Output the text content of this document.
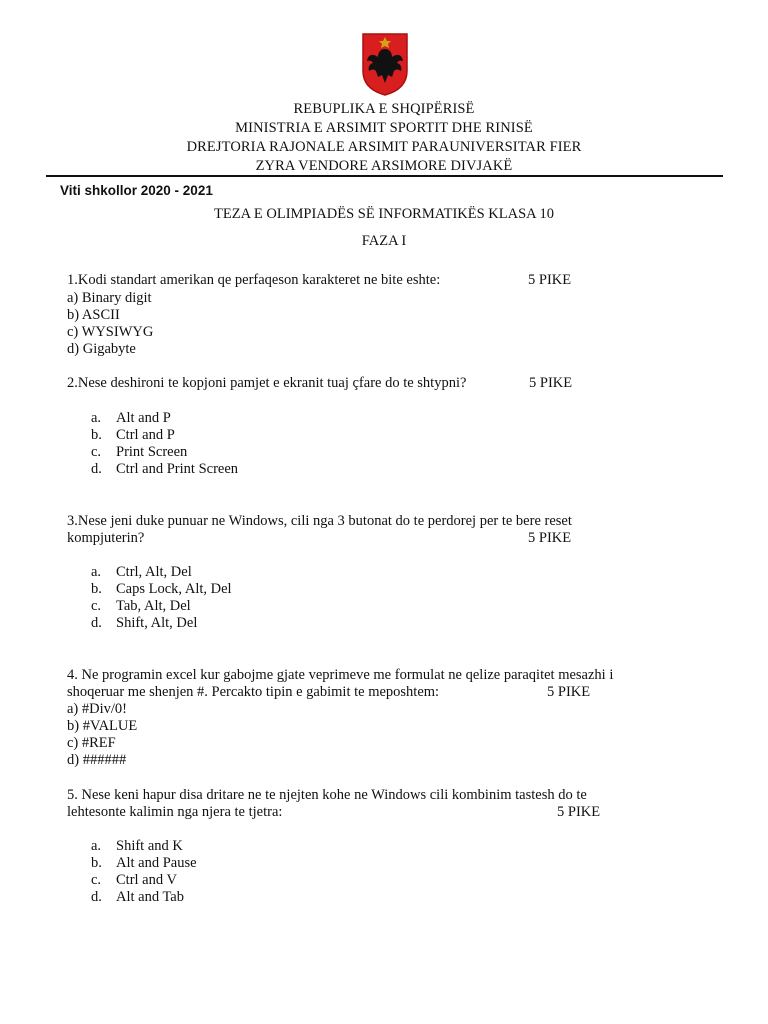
REBUPLIKA E SHQIPËRISË
MINISTRIA E ARSIMIT SPORTIT DHE RINISË
DREJTORIA RAJONALE ARSIMIT PARAUNIVERSITAR FIER
ZYRA VENDORE ARSIMORE DIVJAKË
Viti shkollor 2020 - 2021
TEZA E OLIMPIADËS SË INFORMATIKËS KLASA 10
FAZA I
1.Kodi standart amerikan qe perfaqeson karakteret ne bite eshte:	5 PIKE
a) Binary digit
b) ASCII
c) WYSIWYG
d) Gigabyte
2.Nese deshironi te kopjoni pamjet e ekranit tuaj çfare do te shtypni?	5 PIKE
a. Alt and P
b. Ctrl and P
c. Print Screen
d. Ctrl and Print Screen
3.Nese jeni duke punuar ne Windows, cili nga 3 butonat do te perdorej per te bere reset
kompjuterin?	5 PIKE
a. Ctrl, Alt, Del
b. Caps Lock, Alt, Del
c. Tab, Alt, Del
d. Shift, Alt, Del
4. Ne programin excel kur gabojme gjate veprimeve me formulat ne qelize paraqitet mesazhi i
shoqeruar me shenjen #. Percakto tipin e gabimit te meposhtem:	5 PIKE
a) #Div/0!
b) #VALUE
c) #REF
d) ######
5. Nese keni hapur disa dritare ne te njejten kohe ne Windows cili kombinim tastesh do te
lehtesonte kalimin nga njera te tjetra:	5 PIKE
a. Shift and K
b. Alt and Pause
c. Ctrl and V
d. Alt and Tab
